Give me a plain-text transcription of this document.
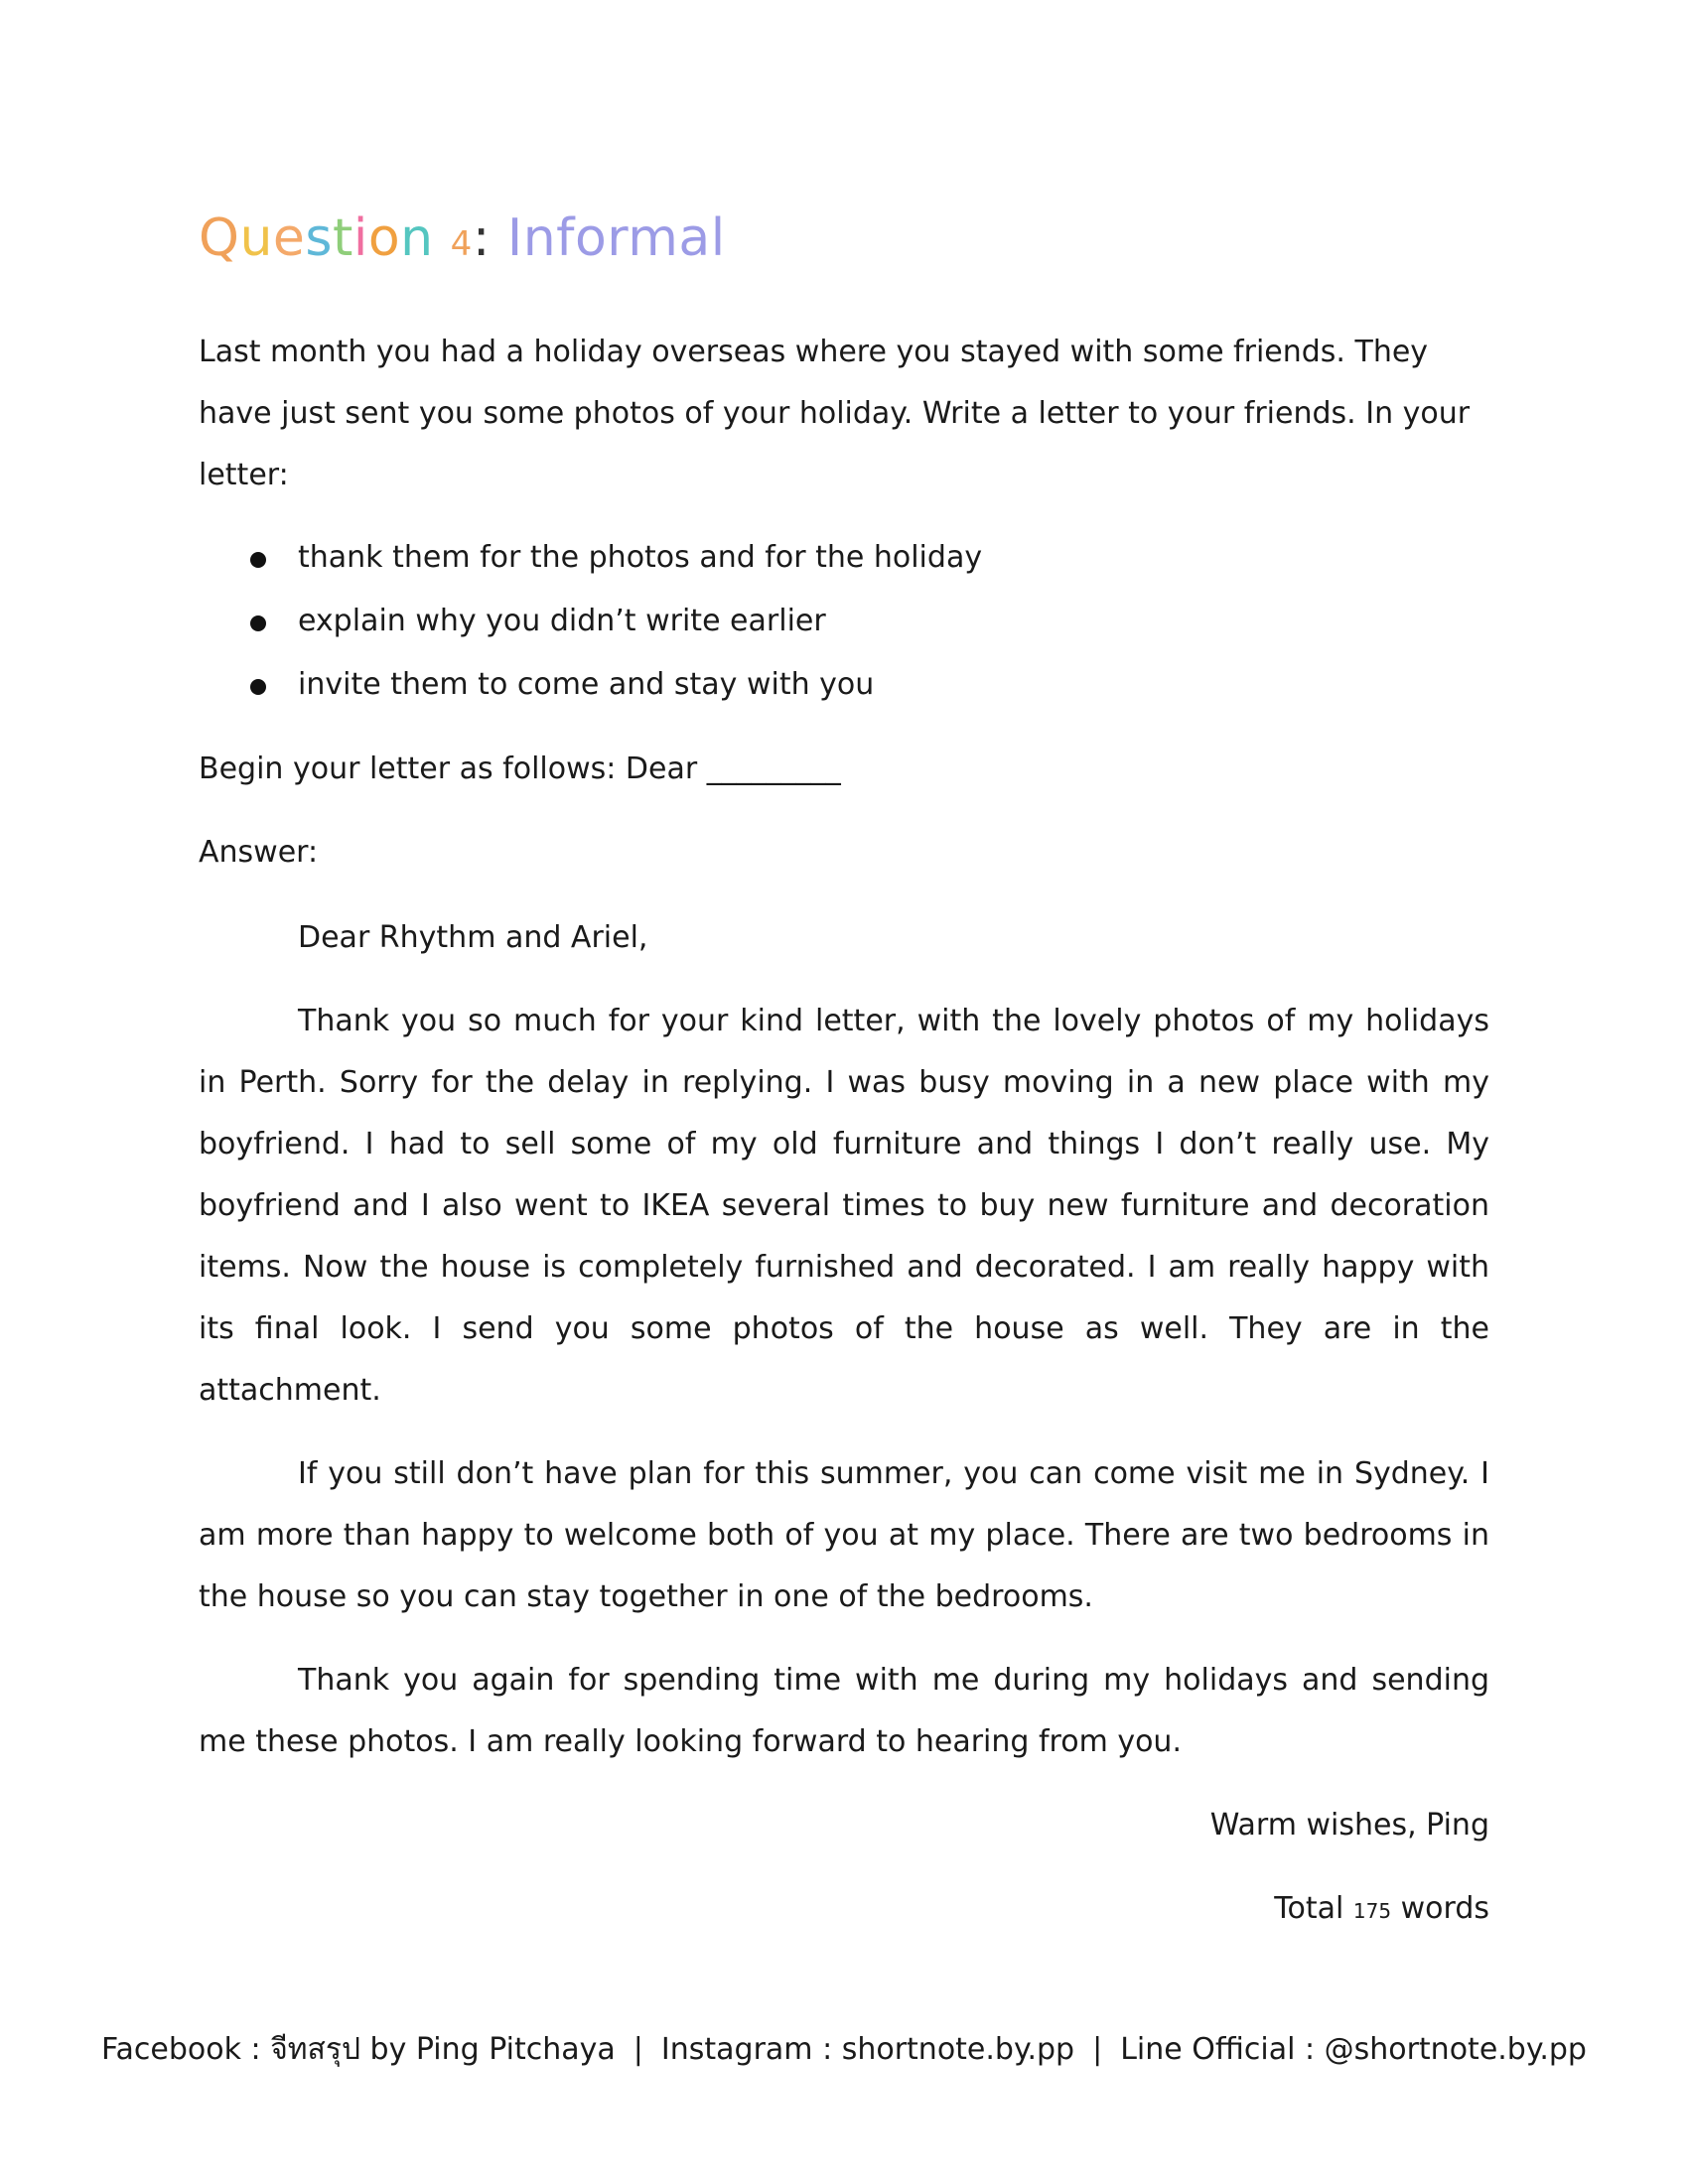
Question 4: Informal

Last month you had a holiday overseas where you stayed with some friends. They have just sent you some photos of your holiday. Write a letter to your friends. In your letter:

thank them for the photos and for the holiday
explain why you didn’t write earlier
invite them to come and stay with you

Begin your letter as follows: Dear _________

Answer:

Dear Rhythm and Ariel,

Thank you so much for your kind letter, with the lovely photos of my holidays in Perth. Sorry for the delay in replying. I was busy moving in a new place with my boyfriend. I had to sell some of my old furniture and things I don’t really use. My boyfriend and I also went to IKEA several times to buy new furniture and decoration items. Now the house is completely furnished and decorated. I am really happy with its final look. I send you some photos of the house as well. They are in the attachment.

If you still don’t have plan for this summer, you can come visit me in Sydney. I am more than happy to welcome both of you at my place. There are two bedrooms in the house so you can stay together in one of the bedrooms.

Thank you again for spending time with me during my holidays and sending me these photos. I am really looking forward to hearing from you.

Warm wishes, Ping

Total 175 words

Facebook : จีทสรุป by Ping Pitchaya | Instagram : shortnote.by.pp | Line Official : @shortnote.by.pp
